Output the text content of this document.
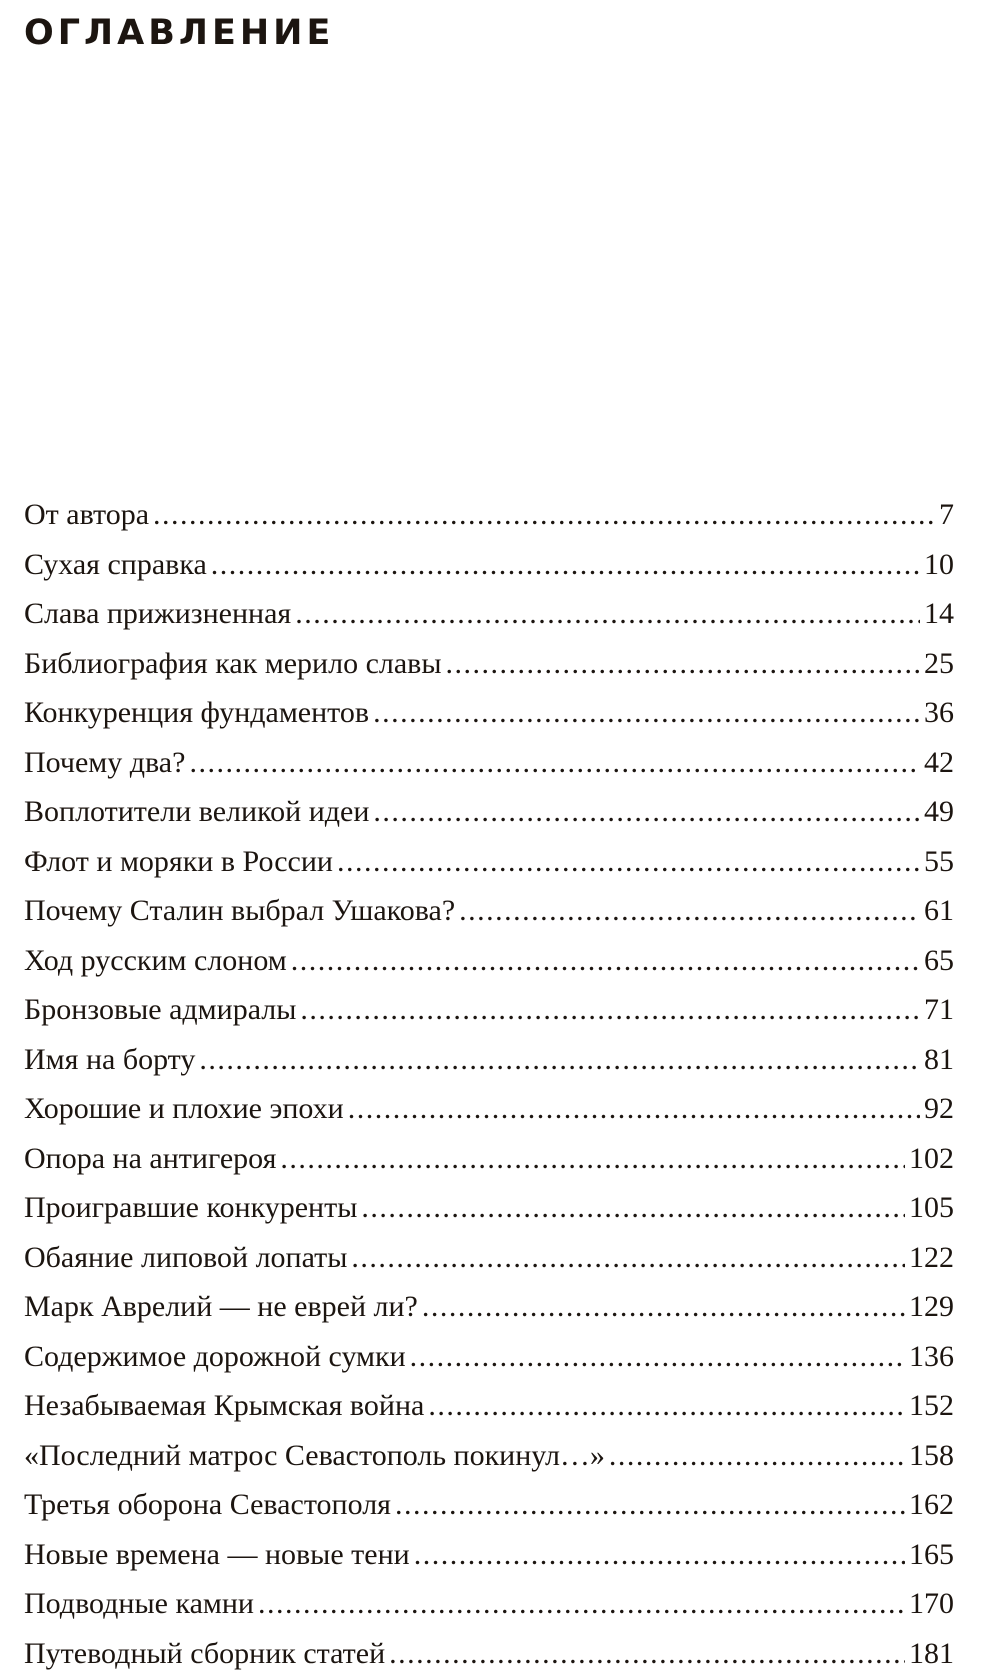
ОГЛАВЛЕНИЕ
От автора . . .	7
Сухая справка . . .	10
Слава прижизненная . . .	14
Библиография как мерило славы . . .	25
Конкуренция фундаментов . . .	36
Почему два? . . .	42
Воплотители великой идеи . . .	49
Флот и моряки в России . . .	55
Почему Сталин выбрал Ушакова? . . .	61
Ход русским слоном . . .	65
Бронзовые адмиралы . . .	71
Имя на борту . . .	81
Хорошие и плохие эпохи . . .	92
Опора на антигероя . . .	102
Проигравшие конкуренты . . .	105
Обаяние липовой лопаты . . .	122
Марк Аврелий — не еврей ли? . . .	129
Содержимое дорожной сумки . . .	136
Незабываемая Крымская война . . .	152
«Последний матрос Севастополь покинул…» . . .	158
Третья оборона Севастополя . . .	162
Новые времена — новые тени . . .	165
Подводные камни . . .	170
Путеводный сборник статей . . .	181
